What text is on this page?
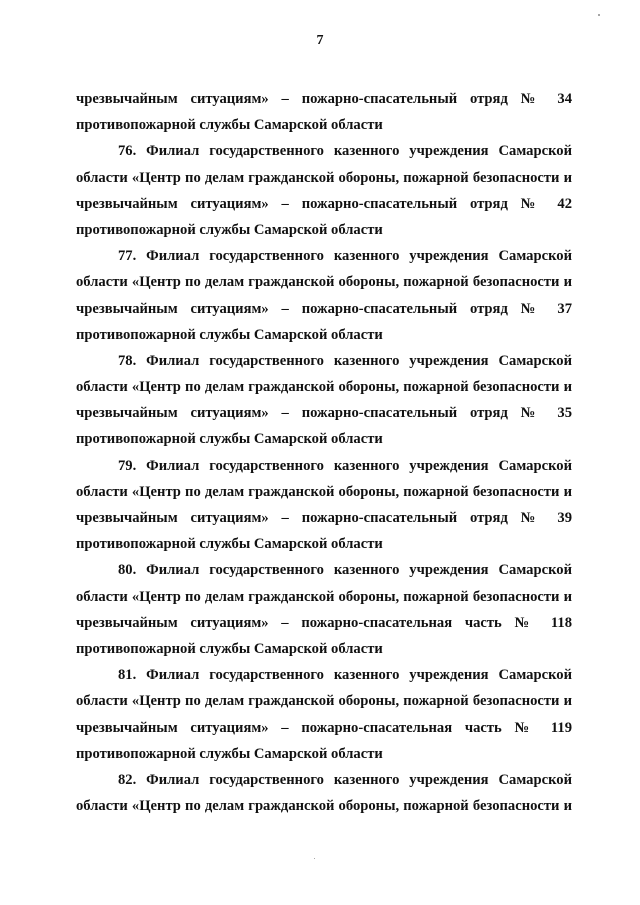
7
чрезвычайным ситуациям» – пожарно-спасательный отряд № 34
противопожарной службы Самарской области
76. Филиал государственного казенного учреждения Самарской
области «Центр по делам гражданской обороны, пожарной безопасности и
чрезвычайным ситуациям» – пожарно-спасательный отряд № 42
противопожарной службы Самарской области
77. Филиал государственного казенного учреждения Самарской
области «Центр по делам гражданской обороны, пожарной безопасности и
чрезвычайным ситуациям» – пожарно-спасательный отряд № 37
противопожарной службы Самарской области
78. Филиал государственного казенного учреждения Самарской
области «Центр по делам гражданской обороны, пожарной безопасности и
чрезвычайным ситуациям» – пожарно-спасательный отряд № 35
противопожарной службы Самарской области
79. Филиал государственного казенного учреждения Самарской
области «Центр по делам гражданской обороны, пожарной безопасности и
чрезвычайным ситуациям» – пожарно-спасательный отряд № 39
противопожарной службы Самарской области
80. Филиал государственного казенного учреждения Самарской
области «Центр по делам гражданской обороны, пожарной безопасности и
чрезвычайным ситуациям» – пожарно-спасательная часть № 118
противопожарной службы Самарской области
81. Филиал государственного казенного учреждения Самарской
области «Центр по делам гражданской обороны, пожарной безопасности и
чрезвычайным ситуациям» – пожарно-спасательная часть № 119
противопожарной службы Самарской области
82. Филиал государственного казенного учреждения Самарской
области «Центр по делам гражданской обороны, пожарной безопасности и
